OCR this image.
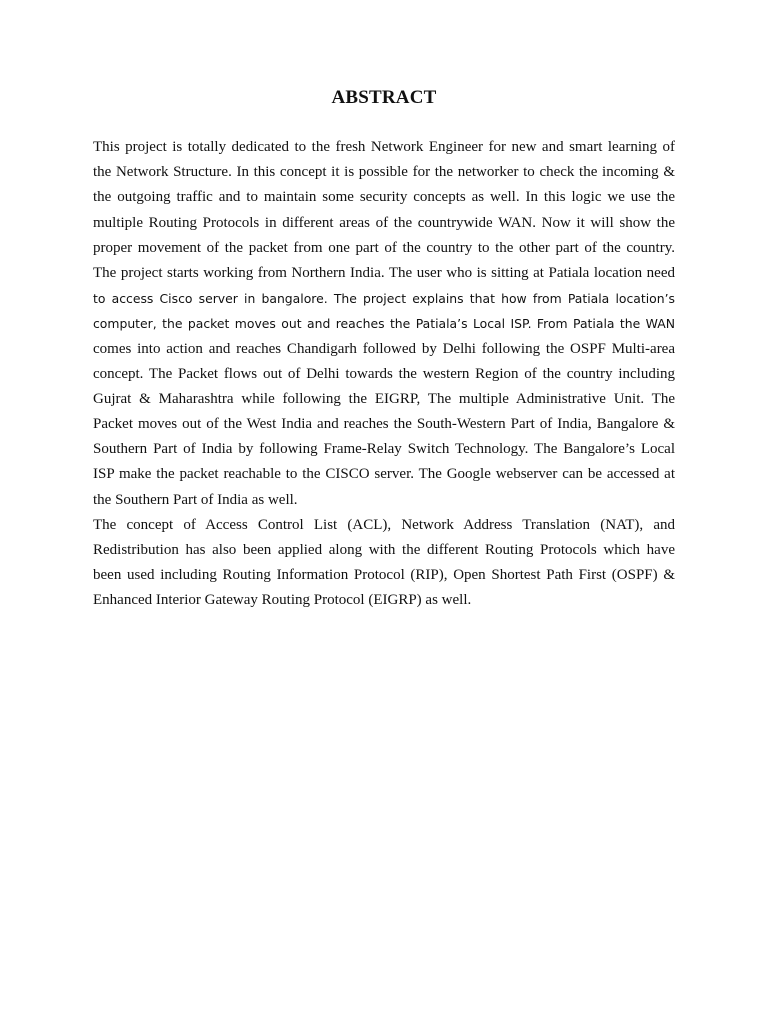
ABSTRACT
This project is totally dedicated to the fresh Network Engineer for new and smart learning of
the Network Structure. In this concept it is possible for the networker to check the incoming &
the outgoing traffic and to maintain some security concepts as well. In this logic we use the
multiple Routing Protocols in different areas of the countrywide WAN. Now it will show the
proper movement of the packet from one part of the country to the other part of the country.
The project starts working from Northern India. The user who is sitting at Patiala location need
to access Cisco server in bangalore. The project explains that how from Patiala location’s
computer, the packet moves out and reaches the Patiala’s Local ISP. From Patiala the WAN
comes into action and reaches Chandigarh followed by Delhi following the OSPF Multi-area
concept. The Packet flows out of Delhi towards the western Region of the country including
Gujrat & Maharashtra while following the EIGRP, The multiple Administrative Unit. The
Packet moves out of the West India and reaches the South-Western Part of India, Bangalore &
Southern Part of India by following Frame-Relay Switch Technology. The Bangalore’s Local
ISP make the packet reachable to the CISCO server. The Google webserver can be accessed at
the Southern Part of India as well.
The concept of Access Control List (ACL), Network Address Translation (NAT), and
Redistribution has also been applied along with the different Routing Protocols which have
been used including Routing Information Protocol (RIP), Open Shortest Path First (OSPF) &
Enhanced Interior Gateway Routing Protocol (EIGRP) as well.
